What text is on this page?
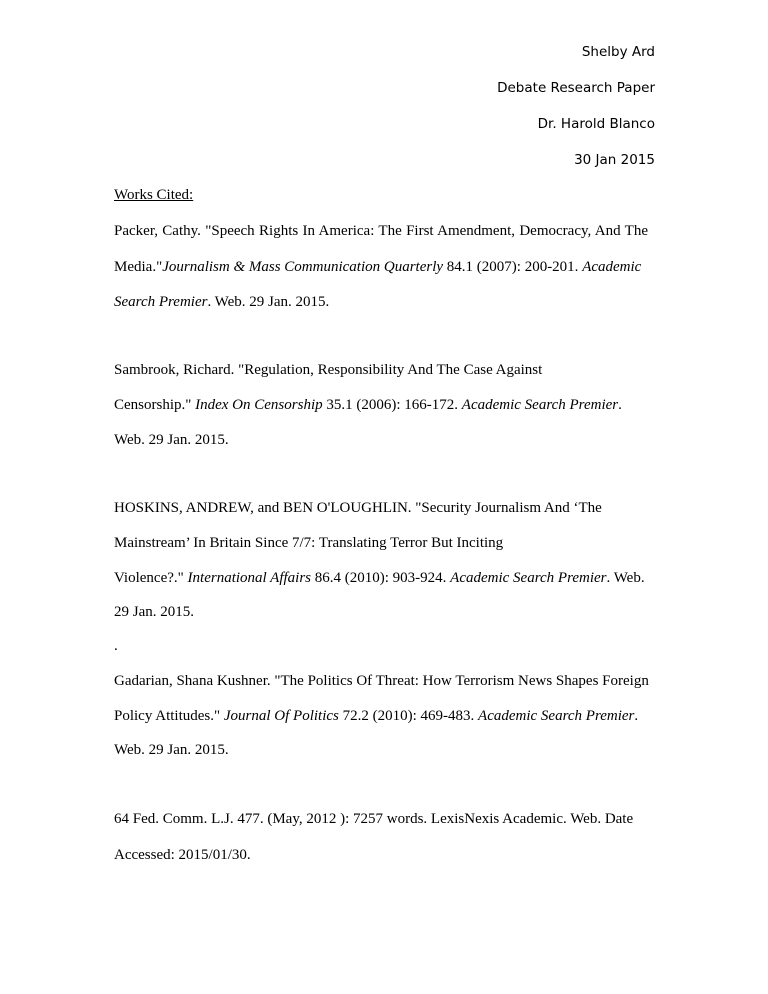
Shelby Ard
Debate Research Paper
Dr. Harold Blanco
30 Jan 2015
Works Cited:
Packer, Cathy. "Speech Rights In America: The First Amendment, Democracy, And The
Media."Journalism & Mass Communication Quarterly 84.1 (2007): 200-201. Academic
Search Premier. Web. 29 Jan. 2015.
Sambrook, Richard. "Regulation, Responsibility And The Case Against
Censorship." Index On Censorship 35.1 (2006): 166-172. Academic Search Premier.
Web. 29 Jan. 2015.
HOSKINS, ANDREW, and BEN O'LOUGHLIN. "Security Journalism And ‘The
Mainstream’ In Britain Since 7/7: Translating Terror But Inciting
Violence?." International Affairs 86.4 (2010): 903-924. Academic Search Premier. Web.
29 Jan. 2015.
.
Gadarian, Shana Kushner. "The Politics Of Threat: How Terrorism News Shapes Foreign
Policy Attitudes." Journal Of Politics 72.2 (2010): 469-483. Academic Search Premier.
Web. 29 Jan. 2015.
64 Fed. Comm. L.J. 477. (May, 2012 ): 7257 words. LexisNexis Academic. Web. Date
Accessed: 2015/01/30.
